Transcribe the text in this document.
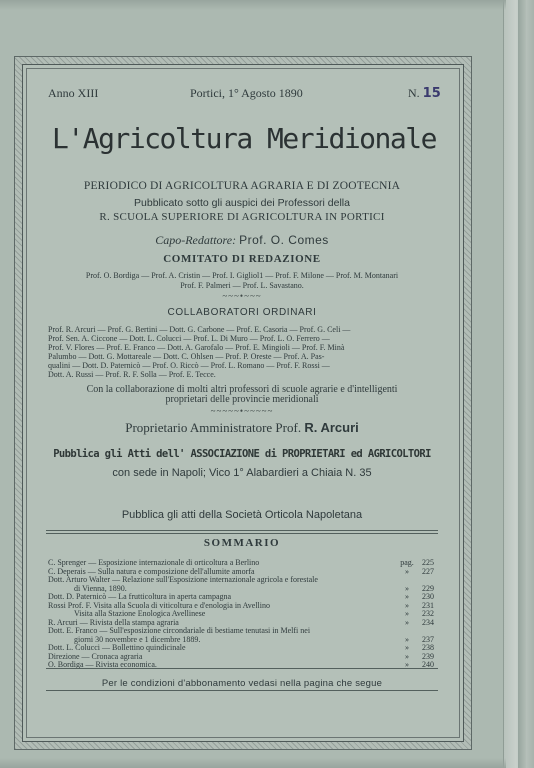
Anno XIII	Portici, 1° Agosto 1890	N. 15
L'Agricoltura Meridionale
PERIODICO DI AGRICOLTURA AGRARIA E DI ZOOTECNIA
Pubblicato sotto gli auspici dei Professori della
R. SCUOLA SUPERIORE DI AGRICOLTURA IN PORTICI
Capo-Redattore: Prof. O. Comes
COMITATO DI REDAZIONE
Prof. O. Bordiga — Prof. A. Cristin — Prof. I. Gigliol1 — Prof. F. Milone — Prof. M. Montanari
Prof. F. Palmeri — Prof. L. Savastano.
~~~•~~~
COLLABORATORI ORDINARI
Prof. R. Arcuri — Prof. G. Bertini — Dott. G. Carbone — Prof. E. Casoria — Prof. G. Celi —
Prof. Sen. A. Ciccone — Dott. L. Colucci — Prof. L. Di Muro — Prof. L. O. Ferrero —
Prof. V. Flores — Prof. E. Franco — Dott. A. Garofalo — Prof. E. Mingioli — Prof. F. Minà
Palumbo — Dott. G. Mottareale — Dott. C. Ohlsen — Prof. P. Oreste — Prof. A. Pas-
qualini — Dott. D. Paternicò — Prof. O. Riccò — Prof. L. Romano — Prof. F. Rossi —
Dott. A. Russi — Prof. R. F. Solla — Prof. E. Tecce.
Con la collaborazione di molti altri professori di scuole agrarie e d'intelligenti
proprietari delle provincie meridionali
~~~~~•~~~~~
Proprietario Amministratore Prof. R. Arcuri
Pubblica gli Atti dell' ASSOCIAZIONE di PROPRIETARI ed AGRICOLTORI
con sede in Napoli; Vico 1° Alabardieri a Chiaia N. 35
Pubblica gli atti della Società Orticola Napoletana
SOMMARIO
C. Sprenger — Esposizione internazionale di orticoltura a Berlino	pag.	225
C. Deperais — Sulla natura e composizione dell'allumite amorfa	»	227
Dott. Arturo Walter — Relazione sull'Esposizione internazionale agricola e forestale
di Vienna, 1890.	»	229
Dott. D. Paternicò — La frutticoltura in aperta campagna	»	230
Rossi Prof. F. Visita alla Scuola di viticoltura e d'enologia in Avellino	»	231
Visita alla Stazione Enologica Avellinese	»	232
R. Arcuri — Rivista della stampa agraria	»	234
Dott. E. Franco — Sull'esposizione circondariale di bestiame tenutasi in Melfi nei
giorni 30 novembre e 1 dicembre 1889.	»	237
Dott. L. Colucci — Bollettino quindicinale	»	238
Direzione — Cronaca agraria	»	239
O. Bordiga — Rivista economica.	»	240
Per le condizioni d'abbonamento vedasi nella pagina che segue
